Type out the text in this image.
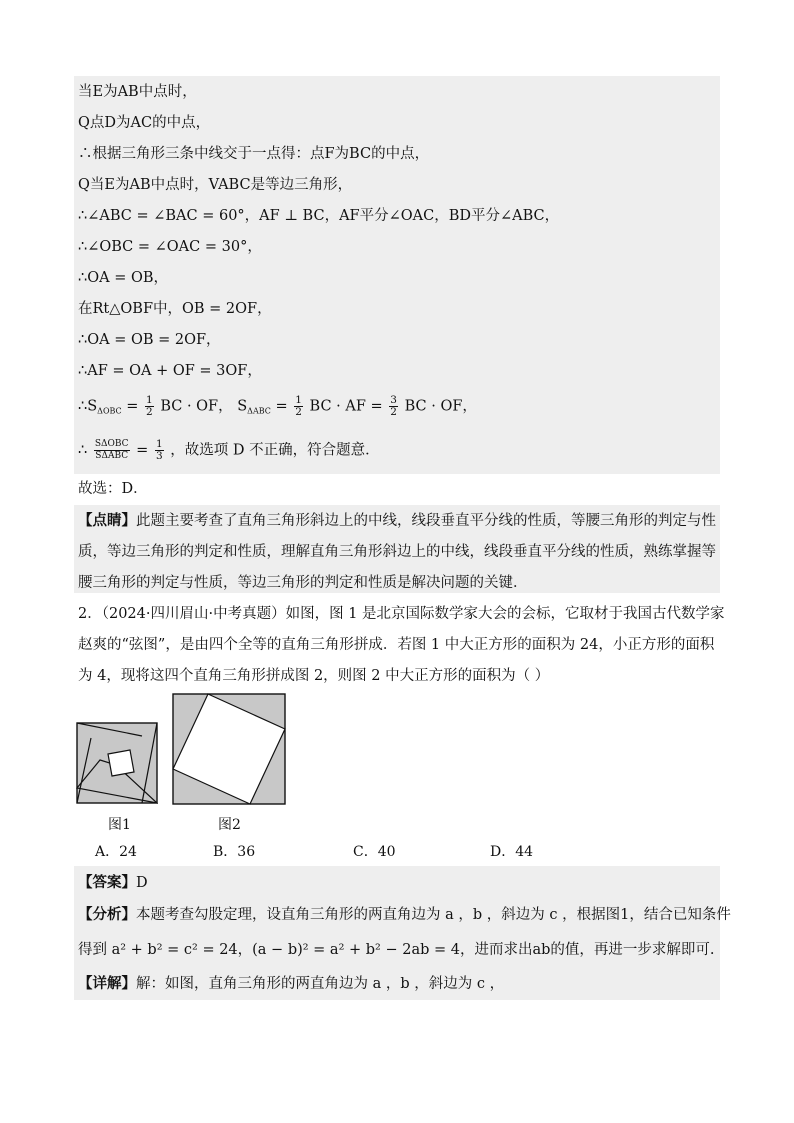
当E为AB中点时，
Q点D为AC的中点，
∴根据三角形三条中线交于一点得：点F为BC的中点，
Q当E为AB中点时，VABC是等边三角形，
∴∠ABC = ∠BAC = 60°，AF ⊥ BC，AF平分∠OAC，BD平分∠ABC，
∴∠OBC = ∠OAC = 30°，
∴OA = OB，
在Rt△OBF中，OB = 2OF，
∴OA = OB = 2OF，
∴AF = OA + OF = 3OF，
$\therefore S_{\Delta OBC} = \frac{1}{2}$ BC · OF， $S_{\Delta ABC} = \frac{1}{2}$ BC · AF = $\frac{3}{2}$ BC · OF，
∴ $\frac{\text{SΔOBC}}{\text{SΔABC}} = \frac{1}{3}$ ，故选项 D 不正确，符合题意．
故选：D．
【点睛】此题主要考查了直角三角形斜边上的中线，线段垂直平分线的性质，等腰三角形的判定与性质，等边三角形的判定和性质，理解直角三角形斜边上的中线，线段垂直平分线的性质，熟练掌握等腰三角形的判定与性质，等边三角形的判定和性质是解决问题的关键．
2．（2024·四川眉山·中考真题）如图，图 1 是北京国际数学家大会的会标，它取材于我国古代数学家赵爽的“弦图”，是由四个全等的直角三角形拼成．若图 1 中大正方形的面积为 24，小正方形的面积为 4，现将这四个直角三角形拼成图 2，则图 2 中大正方形的面积为（ ）
图1	图2
A．24	B．36	C．40	D．44
【答案】D
【分析】本题考查勾股定理，设直角三角形的两直角边为 a ，b ，斜边为 c ，根据图1，结合已知条件
得到 a² + b² = c² = 24，(a − b)² = a² + b² − 2ab = 4，进而求出ab的值，再进一步求解即可.
【详解】解：如图，直角三角形的两直角边为 a ，b ，斜边为 c ，
